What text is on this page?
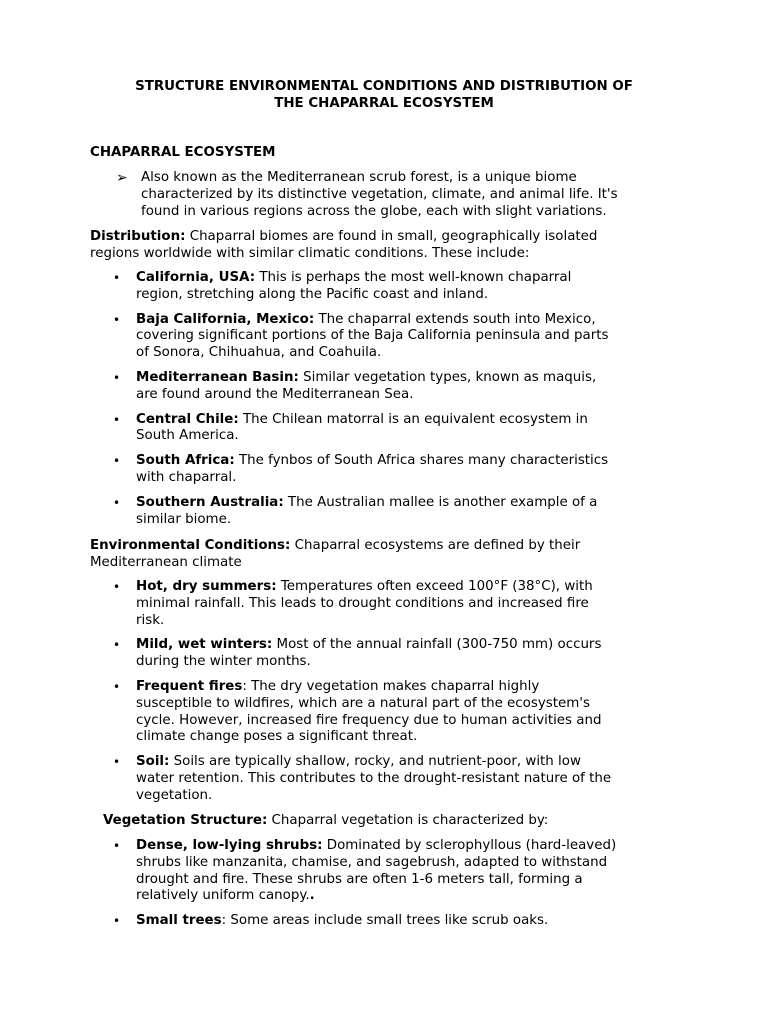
STRUCTURE ENVIRONMENTAL CONDITIONS AND DISTRIBUTION OF
THE CHAPARRAL ECOSYSTEM
CHAPARRAL ECOSYSTEM
➢ Also known as the Mediterranean scrub forest, is a unique biome
characterized by its distinctive vegetation, climate, and animal life. It's
found in various regions across the globe, each with slight variations.
Distribution: Chaparral biomes are found in small, geographically isolated
regions worldwide with similar climatic conditions. These include:
• California, USA: This is perhaps the most well-known chaparral
region, stretching along the Pacific coast and inland.
• Baja California, Mexico: The chaparral extends south into Mexico,
covering significant portions of the Baja California peninsula and parts
of Sonora, Chihuahua, and Coahuila.
• Mediterranean Basin: Similar vegetation types, known as maquis,
are found around the Mediterranean Sea.
• Central Chile: The Chilean matorral is an equivalent ecosystem in
South America.
• South Africa: The fynbos of South Africa shares many characteristics
with chaparral.
• Southern Australia: The Australian mallee is another example of a
similar biome.
Environmental Conditions: Chaparral ecosystems are defined by their
Mediterranean climate
• Hot, dry summers: Temperatures often exceed 100°F (38°C), with
minimal rainfall. This leads to drought conditions and increased fire
risk.
• Mild, wet winters: Most of the annual rainfall (300-750 mm) occurs
during the winter months.
• Frequent fires: The dry vegetation makes chaparral highly
susceptible to wildfires, which are a natural part of the ecosystem's
cycle. However, increased fire frequency due to human activities and
climate change poses a significant threat.
• Soil: Soils are typically shallow, rocky, and nutrient-poor, with low
water retention. This contributes to the drought-resistant nature of the
vegetation.
Vegetation Structure: Chaparral vegetation is characterized by:
• Dense, low-lying shrubs: Dominated by sclerophyllous (hard-leaved)
shrubs like manzanita, chamise, and sagebrush, adapted to withstand
drought and fire. These shrubs are often 1-6 meters tall, forming a
relatively uniform canopy..
• Small trees: Some areas include small trees like scrub oaks.
